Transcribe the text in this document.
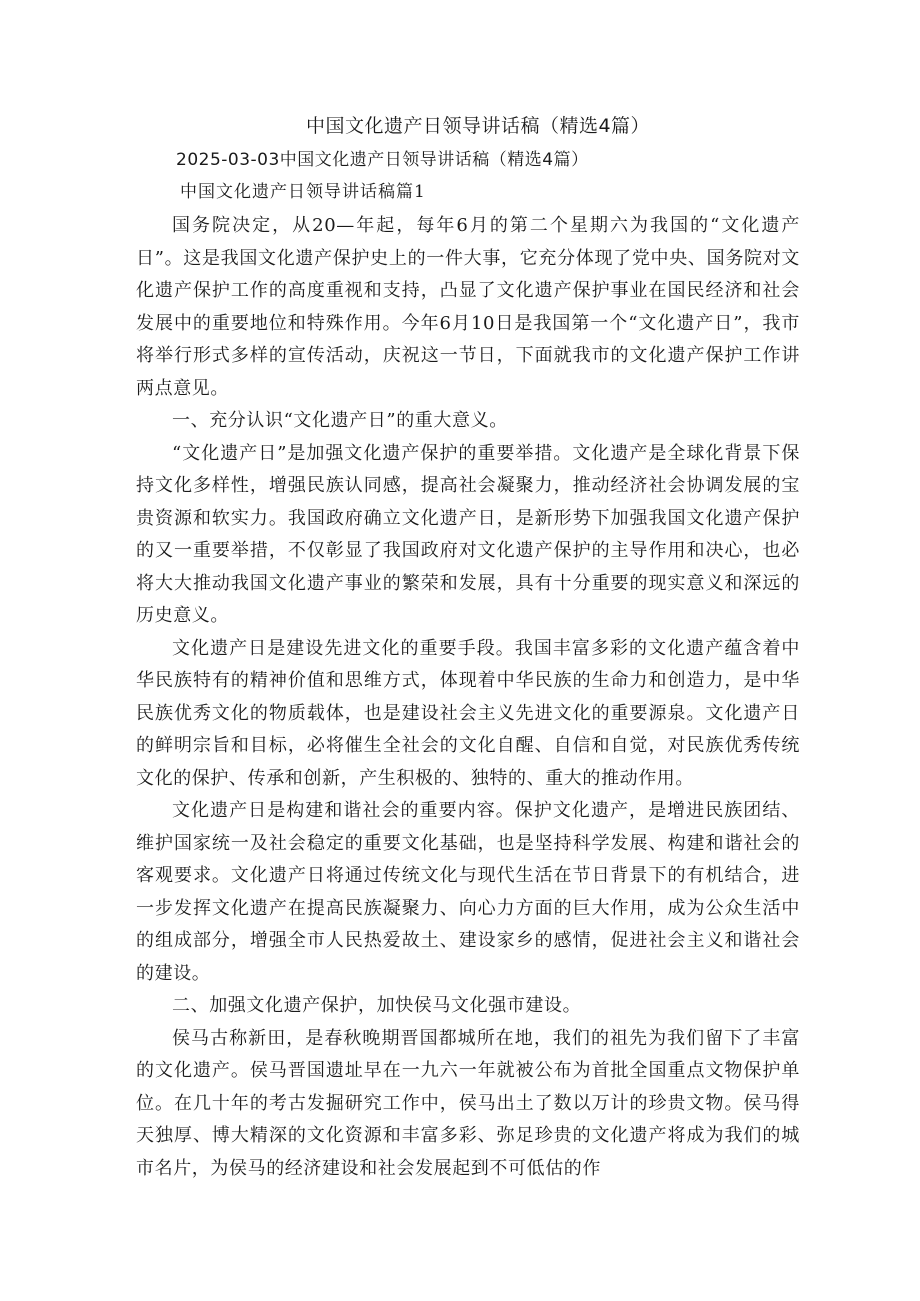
中国文化遗产日领导讲话稿（精选4篇）
2025-03-03中国文化遗产日领导讲话稿（精选4篇）
中国文化遗产日领导讲话稿篇1

国务院决定，从20—年起，每年6月的第二个星期六为我国的“文化遗产日”。这是我国文化遗产保护史上的一件大事，它充分体现了党中央、国务院对文化遗产保护工作的高度重视和支持，凸显了文化遗产保护事业在国民经济和社会发展中的重要地位和特殊作用。今年6月10日是我国第一个“文化遗产日”，我市将举行形式多样的宣传活动，庆祝这一节日，下面就我市的文化遗产保护工作讲两点意见。

一、充分认识“文化遗产日”的重大意义。

“文化遗产日”是加强文化遗产保护的重要举措。文化遗产是全球化背景下保持文化多样性，增强民族认同感，提高社会凝聚力，推动经济社会协调发展的宝贵资源和软实力。我国政府确立文化遗产日，是新形势下加强我国文化遗产保护的又一重要举措，不仅彰显了我国政府对文化遗产保护的主导作用和决心，也必将大大推动我国文化遗产事业的繁荣和发展，具有十分重要的现实意义和深远的历史意义。

文化遗产日是建设先进文化的重要手段。我国丰富多彩的文化遗产蕴含着中华民族特有的精神价值和思维方式，体现着中华民族的生命力和创造力，是中华民族优秀文化的物质载体，也是建设社会主义先进文化的重要源泉。文化遗产日的鲜明宗旨和目标，必将催生全社会的文化自醒、自信和自觉，对民族优秀传统文化的保护、传承和创新，产生积极的、独特的、重大的推动作用。

文化遗产日是构建和谐社会的重要内容。保护文化遗产，是增进民族团结、维护国家统一及社会稳定的重要文化基础，也是坚持科学发展、构建和谐社会的客观要求。文化遗产日将通过传统文化与现代生活在节日背景下的有机结合，进一步发挥文化遗产在提高民族凝聚力、向心力方面的巨大作用，成为公众生活中的组成部分，增强全市人民热爱故土、建设家乡的感情，促进社会主义和谐社会的建设。

二、加强文化遗产保护，加快侯马文化强市建设。

侯马古称新田，是春秋晚期晋国都城所在地，我们的祖先为我们留下了丰富的文化遗产。侯马晋国遗址早在一九六一年就被公布为首批全国重点文物保护单位。在几十年的考古发掘研究工作中，侯马出土了数以万计的珍贵文物。侯马得天独厚、博大精深的文化资源和丰富多彩、弥足珍贵的文化遗产将成为我们的城市名片，为侯马的经济建设和社会发展起到不可低估的作
